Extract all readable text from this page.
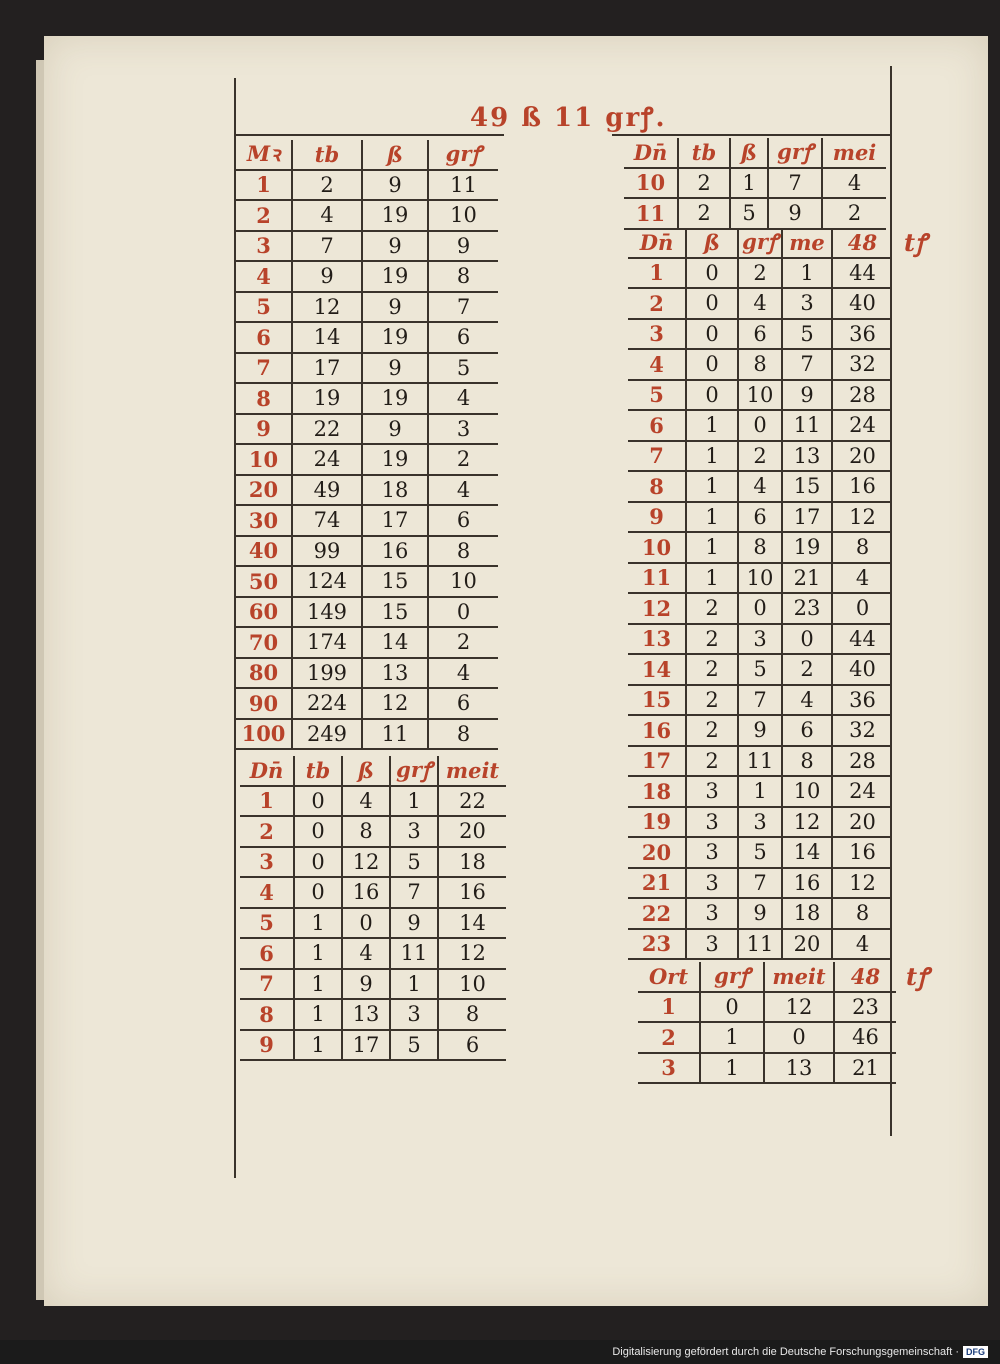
49 ß 11 grꝭ.
Mꝛ	tb	ß	grꝭ
1	2	9	11
2	4	19	10
3	7	9	9
4	9	19	8
5	12	9	7
6	14	19	6
7	17	9	5
8	19	19	4
9	22	9	3
10	24	19	2
20	49	18	4
30	74	17	6
40	99	16	8
50	124	15	10
60	149	15	0
70	174	14	2
80	199	13	4
90	224	12	6
100	249	11	8
Dn̄	tb	ß	grꝭ	meit
1	0	4	1	22
2	0	8	3	20
3	0	12	5	18
4	0	16	7	16
5	1	0	9	14
6	1	4	11	12
7	1	9	1	10
8	1	13	3	8
9	1	17	5	6
Dn̄	tb	ß	grꝭ	mei
10	2	1	7	4
11	2	5	9	2
Dn̄	ß	grꝭ	me	48
1	0	2	1	44
2	0	4	3	40
3	0	6	5	36
4	0	8	7	32
5	0	10	9	28
6	1	0	11	24
7	1	2	13	20
8	1	4	15	16
9	1	6	17	12
10	1	8	19	8
11	1	10	21	4
12	2	0	23	0
13	2	3	0	44
14	2	5	2	40
15	2	7	4	36
16	2	9	6	32
17	2	11	8	28
18	3	1	10	24
19	3	3	12	20
20	3	5	14	16
21	3	7	16	12
22	3	9	18	8
23	3	11	20	4
tꝭ
Ort	grꝭ	meit	48
1	0	12	23
2	1	0	46
3	1	13	21
tꝭ
Digitalisierung gefördert durch die Deutsche Forschungsgemeinschaft · DFG
